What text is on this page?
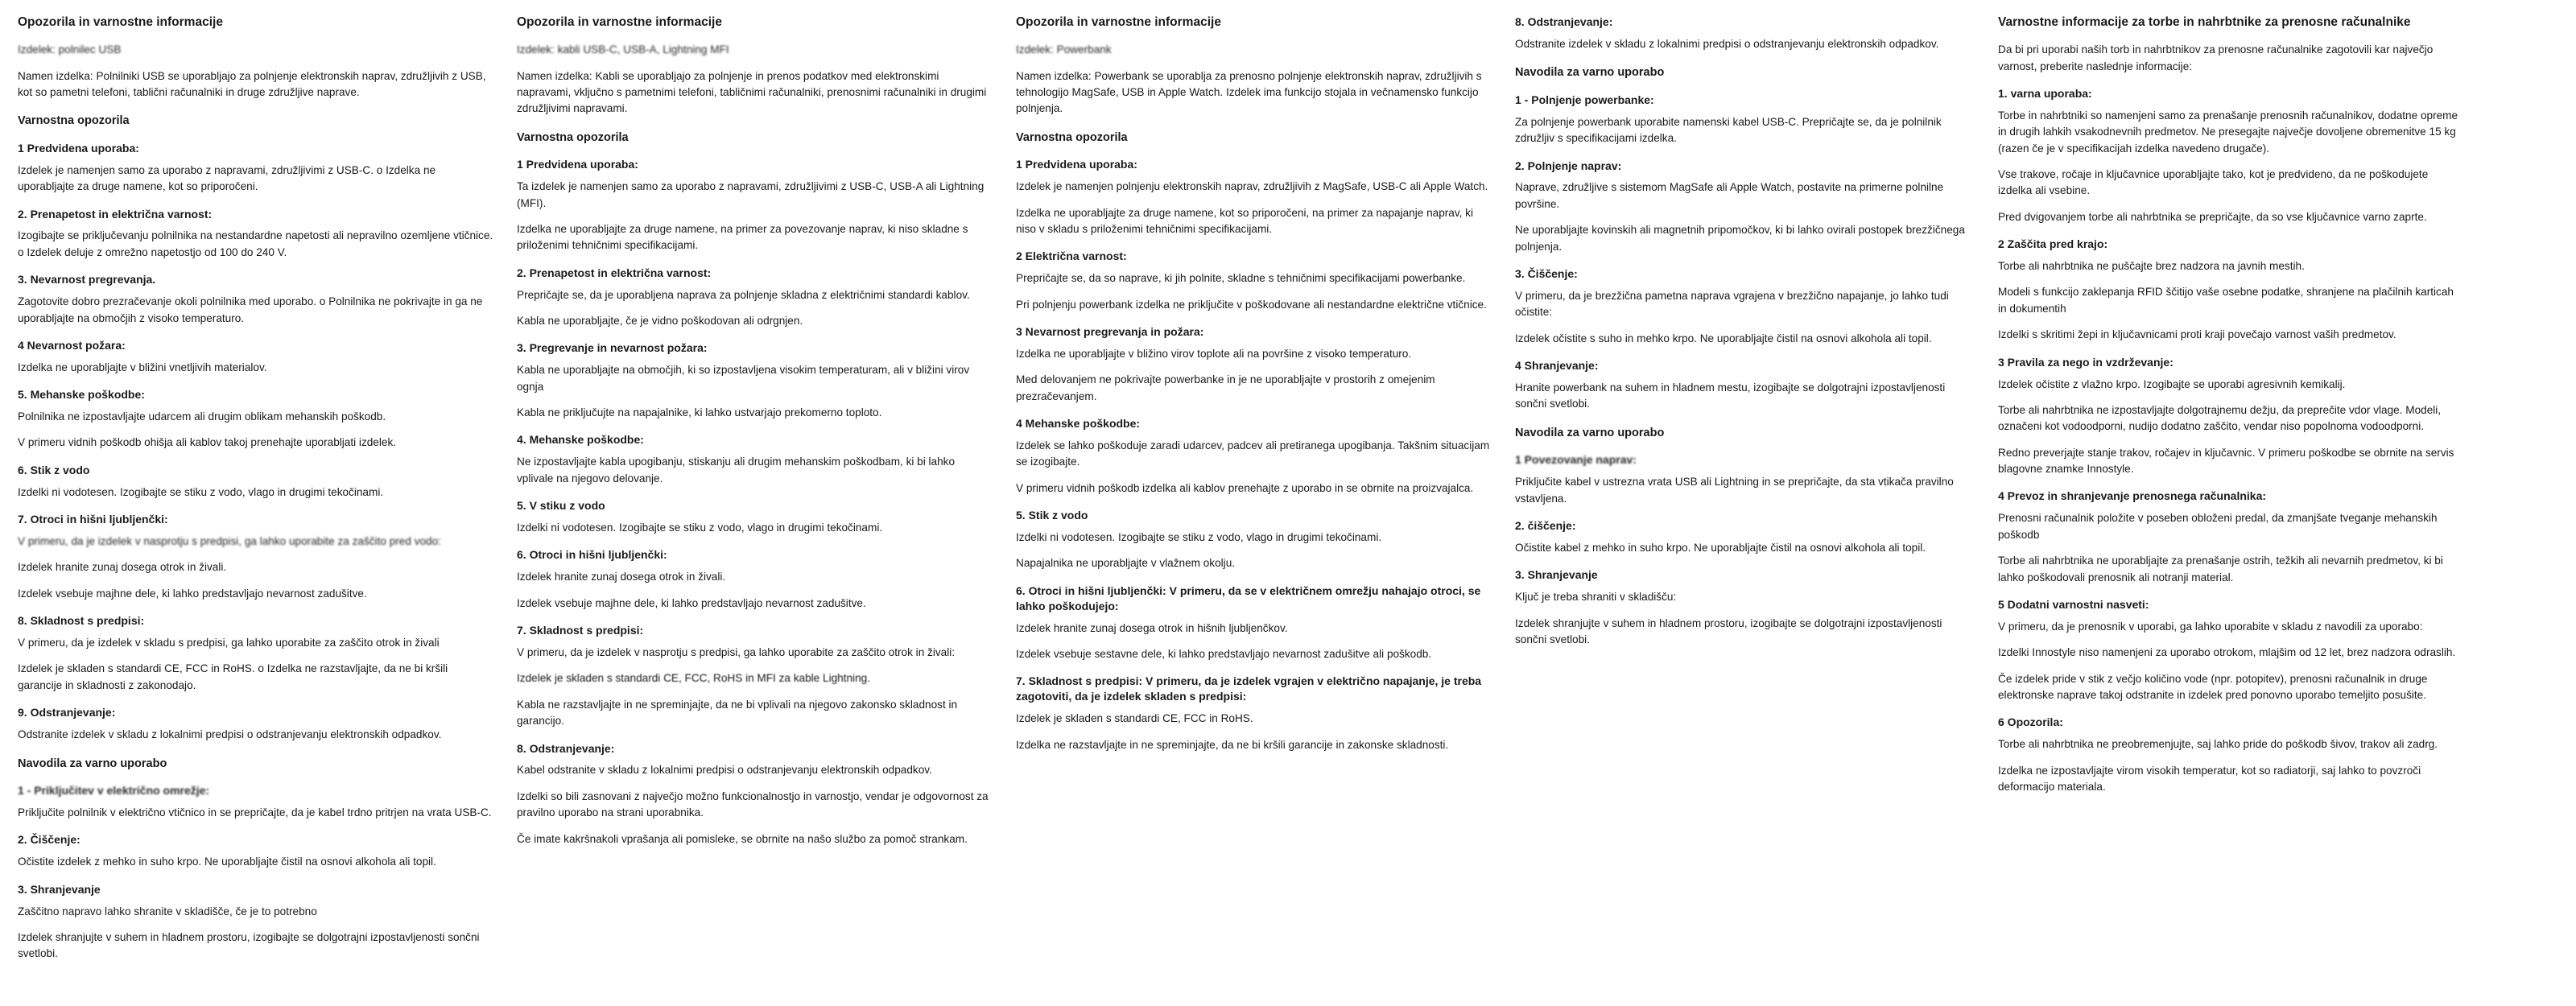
Opozorila in varnostne informacije

Izdelek: polnilec USB

Namen izdelka: Polnilniki USB se uporabljajo za polnjenje elektronskih naprav, združljivih z USB, kot so pametni telefoni, tablični računalniki in druge združljive naprave.

Varnostna opozorila
1 Predvidena uporaba:

Izdelek je namenjen samo za uporabo z napravami, združljivimi z USB-C. o Izdelka ne uporabljajte za druge namene, kot so priporočeni.

2. Prenapetost in električna varnost:

Izogibajte se priključevanju polnilnika na nestandardne napetosti ali nepravilno ozemljene vtičnice. o Izdelek deluje z omrežno napetostjo od 100 do 240 V.

3. Nevarnost pregrevanja.

Zagotovite dobro prezračevanje okoli polnilnika med uporabo. o Polnilnika ne pokrivajte in ga ne uporabljajte na območjih z visoko temperaturo.

4 Nevarnost požara:

Izdelka ne uporabljajte v bližini vnetljivih materialov.

5. Mehanske poškodbe:

Polnilnika ne izpostavljajte udarcem ali drugim oblikam mehanskih poškodb.

V primeru vidnih poškodb ohišja ali kablov takoj prenehajte uporabljati izdelek.

6. Stik z vodo

Izdelki ni vodotesen. Izogibajte se stiku z vodo, vlago in drugimi tekočinami.

7. Otroci in hišni ljubljenčki:

V primeru, da je izdelek v nasprotju s predpisi, ga lahko uporabite za zaščito pred vodo:

Izdelek hranite zunaj dosega otrok in živali.

Izdelek vsebuje majhne dele, ki lahko predstavljajo nevarnost zadušitve.

8. Skladnost s predpisi:

V primeru, da je izdelek v skladu s predpisi, ga lahko uporabite za zaščito otrok in živali

Izdelek je skladen s standardi CE, FCC in RoHS. o Izdelka ne razstavljajte, da ne bi kršili garancije in skladnosti z zakonodajo.

9. Odstranjevanje:

Odstranite izdelek v skladu z lokalnimi predpisi o odstranjevanju elektronskih odpadkov.

Navodila za varno uporabo
1 - Priključitev v električno omrežje:

Priključite polnilnik v električno vtičnico in se prepričajte, da je kabel trdno pritrjen na vrata USB-C.

2. Čiščenje:

Očistite izdelek z mehko in suho krpo. Ne uporabljajte čistil na osnovi alkohola ali topil.

3. Shranjevanje

Zaščitno napravo lahko shranite v skladišče, če je to potrebno

Izdelek shranjujte v suhem in hladnem prostoru, izogibajte se dolgotrajni izpostavljenosti sončni svetlobi.

Opozorila in varnostne informacije

Izdelek: kabli USB-C, USB-A, Lightning MFI

Namen izdelka: Kabli se uporabljajo za polnjenje in prenos podatkov med elektronskimi napravami, vključno s pametnimi telefoni, tabličnimi računalniki, prenosnimi računalniki in drugimi združljivimi napravami.

Varnostna opozorila
1 Predvidena uporaba:

Ta izdelek je namenjen samo za uporabo z napravami, združljivimi z USB-C, USB-A ali Lightning (MFI).

Izdelka ne uporabljajte za druge namene, na primer za povezovanje naprav, ki niso skladne s priloženimi tehničnimi specifikacijami.

2. Prenapetost in električna varnost:

Prepričajte se, da je uporabljena naprava za polnjenje skladna z električnimi standardi kablov.

Kabla ne uporabljajte, če je vidno poškodovan ali odrgnjen.

3. Pregrevanje in nevarnost požara:

Kabla ne uporabljajte na območjih, ki so izpostavljena visokim temperaturam, ali v bližini virov ognja

Kabla ne priključujte na napajalnike, ki lahko ustvarjajo prekomerno toploto.

4. Mehanske poškodbe:

Ne izpostavljajte kabla upogibanju, stiskanju ali drugim mehanskim poškodbam, ki bi lahko vplivale na njegovo delovanje.

5. V stiku z vodo

Izdelki ni vodotesen. Izogibajte se stiku z vodo, vlago in drugimi tekočinami.

6. Otroci in hišni ljubljenčki:

Izdelek hranite zunaj dosega otrok in živali.

Izdelek vsebuje majhne dele, ki lahko predstavljajo nevarnost zadušitve.

7. Skladnost s predpisi:

V primeru, da je izdelek v nasprotju s predpisi, ga lahko uporabite za zaščito otrok in živali:

Izdelek je skladen s standardi CE, FCC, RoHS in MFI za kable Lightning.

Kabla ne razstavljajte in ne spreminjajte, da ne bi vplivali na njegovo zakonsko skladnost in garancijo.

8. Odstranjevanje:

Kabel odstranite v skladu z lokalnimi predpisi o odstranjevanju elektronskih odpadkov.

Izdelki so bili zasnovani z največjo možno funkcionalnostjo in varnostjo, vendar je odgovornost za pravilno uporabo na strani uporabnika.

Če imate kakršnakoli vprašanja ali pomisleke, se obrnite na našo službo za pomoč strankam.

Opozorila in varnostne informacije

Izdelek: Powerbank

Namen izdelka: Powerbank se uporablja za prenosno polnjenje elektronskih naprav, združljivih s tehnologijo MagSafe, USB in Apple Watch. Izdelek ima funkcijo stojala in večnamensko funkcijo polnjenja.

Varnostna opozorila
1 Predvidena uporaba:

Izdelek je namenjen polnjenju elektronskih naprav, združljivih z MagSafe, USB-C ali Apple Watch.

Izdelka ne uporabljajte za druge namene, kot so priporočeni, na primer za napajanje naprav, ki niso v skladu s priloženimi tehničnimi specifikacijami.

2 Električna varnost:

Prepričajte se, da so naprave, ki jih polnite, skladne s tehničnimi specifikacijami powerbanke.

Pri polnjenju powerbank izdelka ne priključite v poškodovane ali nestandardne električne vtičnice.

3 Nevarnost pregrevanja in požara:

Izdelka ne uporabljajte v bližino virov toplote ali na površine z visoko temperaturo.

Med delovanjem ne pokrivajte powerbanke in je ne uporabljajte v prostorih z omejenim prezračevanjem.

4 Mehanske poškodbe:

Izdelek se lahko poškoduje zaradi udarcev, padcev ali pretiranega upogibanja. Takšnim situacijam se izogibajte.

V primeru vidnih poškodb izdelka ali kablov prenehajte z uporabo in se obrnite na proizvajalca.

5. Stik z vodo

Izdelki ni vodotesen. Izogibajte se stiku z vodo, vlago in drugimi tekočinami.

Napajalnika ne uporabljajte v vlažnem okolju.

6. Otroci in hišni ljubljenčki: V primeru, da se v električnem omrežju nahajajo otroci, se lahko poškodujejo:

Izdelek hranite zunaj dosega otrok in hišnih ljubljenčkov.

Izdelek vsebuje sestavne dele, ki lahko predstavljajo nevarnost zadušitve ali poškodb.

7. Skladnost s predpisi: V primeru, da je izdelek vgrajen v električno napajanje, je treba zagotoviti, da je izdelek skladen s predpisi:

Izdelek je skladen s standardi CE, FCC in RoHS.

Izdelka ne razstavljajte in ne spreminjajte, da ne bi kršili garancije in zakonske skladnosti.

8. Odstranjevanje:

Odstranite izdelek v skladu z lokalnimi predpisi o odstranjevanju elektronskih odpadkov.

Navodila za varno uporabo
1 - Polnjenje powerbanke:

Za polnjenje powerbank uporabite namenski kabel USB-C. Prepričajte se, da je polnilnik združljiv s specifikacijami izdelka.

2. Polnjenje naprav:

Naprave, združljive s sistemom MagSafe ali Apple Watch, postavite na primerne polnilne površine.

Ne uporabljajte kovinskih ali magnetnih pripomočkov, ki bi lahko ovirali postopek brezžičnega polnjenja.

3. Čiščenje:

V primeru, da je brezžična pametna naprava vgrajena v brezžično napajanje, jo lahko tudi očistite:

Izdelek očistite s suho in mehko krpo. Ne uporabljajte čistil na osnovi alkohola ali topil.

4 Shranjevanje:

Hranite powerbank na suhem in hladnem mestu, izogibajte se dolgotrajni izpostavljenosti sončni svetlobi.

Navodila za varno uporabo
1 Povezovanje naprav:

Priključite kabel v ustrezna vrata USB ali Lightning in se prepričajte, da sta vtikača pravilno vstavljena.

2. čiščenje:

Očistite kabel z mehko in suho krpo. Ne uporabljajte čistil na osnovi alkohola ali topil.

3. Shranjevanje

Ključ je treba shraniti v skladišču:

Izdelek shranjujte v suhem in hladnem prostoru, izogibajte se dolgotrajni izpostavljenosti sončni svetlobi.

Varnostne informacije za torbe in nahrbtnike za prenosne računalnike

Da bi pri uporabi naših torb in nahrbtnikov za prenosne računalnike zagotovili kar največjo varnost, preberite naslednje informacije:

1. varna uporaba:

Torbe in nahrbtniki so namenjeni samo za prenašanje prenosnih računalnikov, dodatne opreme in drugih lahkih vsakodnevnih predmetov. Ne presegajte največje dovoljene obremenitve 15 kg (razen če je v specifikacijah izdelka navedeno drugače).

Vse trakove, ročaje in ključavnice uporabljajte tako, kot je predvideno, da ne poškodujete izdelka ali vsebine.

Pred dvigovanjem torbe ali nahrbtnika se prepričajte, da so vse ključavnice varno zaprte.

2 Zaščita pred krajo:

Torbe ali nahrbtnika ne puščajte brez nadzora na javnih mestih.

Modeli s funkcijo zaklepanja RFID ščitijo vaše osebne podatke, shranjene na plačilnih karticah in dokumentih

Izdelki s skritimi žepi in ključavnicami proti kraji povečajo varnost vaših predmetov.

3 Pravila za nego in vzdrževanje:

Izdelek očistite z vlažno krpo. Izogibajte se uporabi agresivnih kemikalij.

Torbe ali nahrbtnika ne izpostavljajte dolgotrajnemu dežju, da preprečite vdor vlage. Modeli, označeni kot vodoodporni, nudijo dodatno zaščito, vendar niso popolnoma vodoodporni.

Redno preverjajte stanje trakov, ročajev in ključavnic. V primeru poškodbe se obrnite na servis blagovne znamke Innostyle.

4 Prevoz in shranjevanje prenosnega računalnika:

Prenosni računalnik položite v poseben obloženi predal, da zmanjšate tveganje mehanskih poškodb

Torbe ali nahrbtnika ne uporabljajte za prenašanje ostrih, težkih ali nevarnih predmetov, ki bi lahko poškodovali prenosnik ali notranji material.

5 Dodatni varnostni nasveti:

V primeru, da je prenosnik v uporabi, ga lahko uporabite v skladu z navodili za uporabo:

Izdelki Innostyle niso namenjeni za uporabo otrokom, mlajšim od 12 let, brez nadzora odraslih.

Če izdelek pride v stik z večjo količino vode (npr. potopitev), prenosni računalnik in druge elektronske naprave takoj odstranite in izdelek pred ponovno uporabo temeljito posušite.

6 Opozorila:

Torbe ali nahrbtnika ne preobremenjujte, saj lahko pride do poškodb šivov, trakov ali zadrg.

Izdelka ne izpostavljajte virom visokih temperatur, kot so radiatorji, saj lahko to povzroči deformacijo materiala.
